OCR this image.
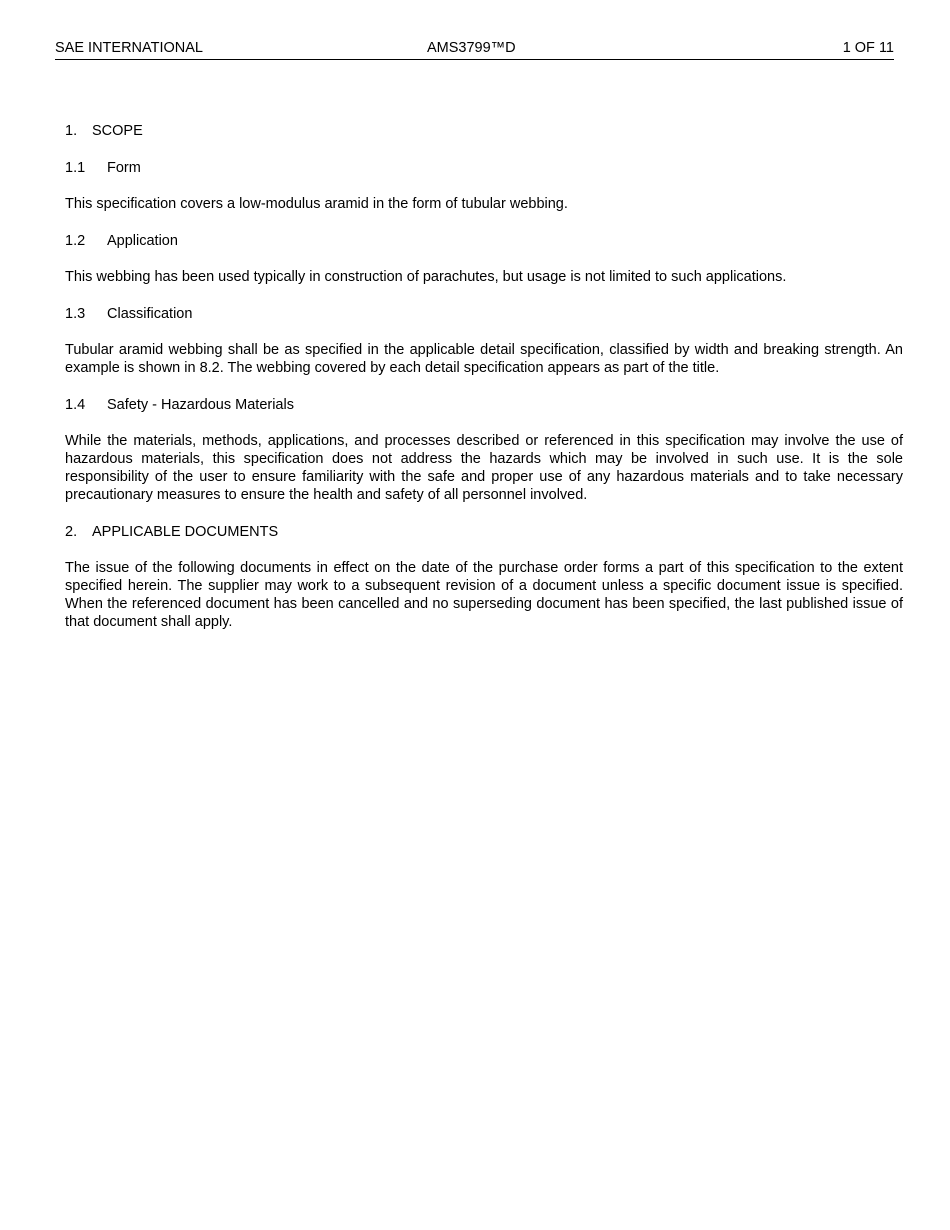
SAE INTERNATIONAL	AMS3799™D	1 OF 11
1. SCOPE
1.1 Form

This specification covers a low-modulus aramid in the form of tubular webbing.

1.2 Application

This webbing has been used typically in construction of parachutes, but usage is not limited to such applications.

1.3 Classification

Tubular aramid webbing shall be as specified in the applicable detail specification, classified by width and breaking strength. An example is shown in 8.2. The webbing covered by each detail specification appears as part of the title.

1.4 Safety - Hazardous Materials

While the materials, methods, applications, and processes described or referenced in this specification may involve the use of hazardous materials, this specification does not address the hazards which may be involved in such use. It is the sole responsibility of the user to ensure familiarity with the safe and proper use of any hazardous materials and to take necessary precautionary measures to ensure the health and safety of all personnel involved.

2. APPLICABLE DOCUMENTS

The issue of the following documents in effect on the date of the purchase order forms a part of this specification to the extent specified herein. The supplier may work to a subsequent revision of a document unless a specific document issue is specified. When the referenced document has been cancelled and no superseding document has been specified, the last published issue of that document shall apply.
